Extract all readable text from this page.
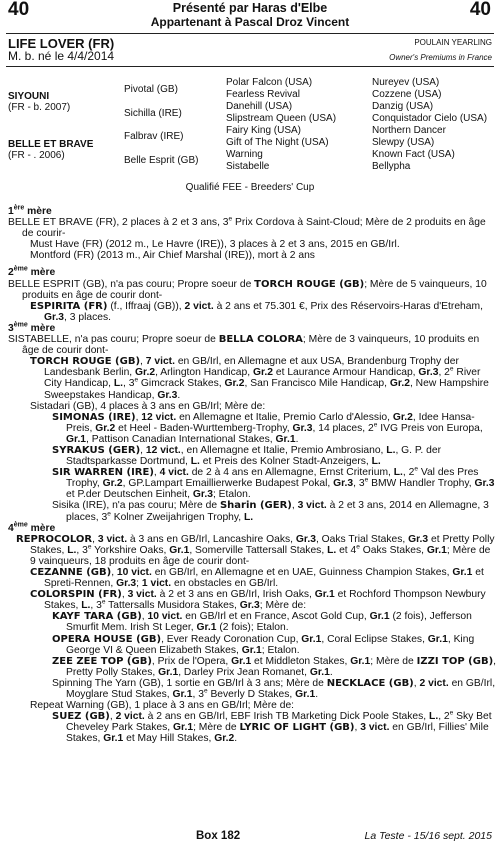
40	Présenté par Haras d'Elbe
Appartenant à Pascal Droz Vincent
40
LIFE LOVER (FR)	POULAIN YEARLING
M. b. né le 4/4/2014	Owner's Premiums in France
SIYOUNI
(FR - b. 2007)
BELLE ET BRAVE
(FR - . 2006)
Pivotal (GB)
Sichilla (IRE)
Falbrav (IRE)
Belle Esprit (GB)
Polar Falcon (USA)
Fearless Revival
Danehill (USA)
Slipstream Queen (USA)
Fairy King (USA)
Gift of The Night (USA)
Warning
Sistabelle
Nureyev (USA)
Cozzene (USA)
Danzig (USA)
Conquistador Cielo (USA)
Northern Dancer
Slewpy (USA)
Known Fact (USA)
Bellypha
Qualifié FEE - Breeders' Cup

1ère mère

BELLE ET BRAVE (FR), 2 places à 2 et 3 ans, 3e Prix Cordova à Saint-Cloud; Mère de 2 produits en âge de courir-

Must Have (FR) (2012 m., Le Havre (IRE)), 3 places à 2 et 3 ans, 2015 en GB/Irl.

Montford (FR) (2013 m., Air Chief Marshal (IRE)), mort à 2 ans

2ème mère

BELLE ESPRIT (GB), n'a pas couru; Propre soeur de TORCH ROUGE (GB); Mère de 5 vainqueurs, 10 produits en âge de courir dont-

ESPIRITA (FR) (f., Iffraaj (GB)), 2 vict. à 2 ans et 75.301 €, Prix des Réservoirs-Haras d'Etreham, Gr.3, 3 places.

3ème mère

SISTABELLE, n'a pas couru; Propre soeur de BELLA COLORA; Mère de 3 vainqueurs, 10 produits en âge de courir dont-

TORCH ROUGE (GB), 7 vict. en GB/Irl, en Allemagne et aux USA, Brandenburg Trophy der Landesbank Berlin, Gr.2, Arlington Handicap, Gr.2 et Laurance Armour Handicap, Gr.3, 2e River City Handicap, L., 3e Gimcrack Stakes, Gr.2, San Francisco Mile Handicap, Gr.2, New Hampshire Sweepstakes Handicap, Gr.3.

Sistadari (GB), 4 places à 3 ans en GB/Irl; Mère de:

SIMONAS (IRE), 12 vict. en Allemagne et Italie, Premio Carlo d'Alessio, Gr.2, Idee Hansa-Preis, Gr.2 et Heel - Baden-Wurttemberg-Trophy, Gr.3, 14 places, 2e IVG Preis von Europa, Gr.1, Pattison Canadian International Stakes, Gr.1.

SYRAKUS (GER), 12 vict., en Allemagne et Italie, Premio Ambrosiano, L., G. P. der Stadtsparkasse Dortmund, L. et Preis des Kolner Stadt-Anzeigers, L.

SIR WARREN (IRE), 4 vict. de 2 à 4 ans en Allemagne, Ernst Criterium, L., 2e Val des Pres Trophy, Gr.2, GP.Lampart Emaillierwerke Budapest Pokal, Gr.3, 3e BMW Handler Trophy, Gr.3 et P.der Deutschen Einheit, Gr.3; Etalon.

Sisika (IRE), n'a pas couru; Mère de Sharin (GER), 3 vict. à 2 et 3 ans, 2014 en Allemagne, 3 places, 3e Kolner Zweijahrigen Trophy, L.

4ème mère

REPROCOLOR, 3 vict. à 3 ans en GB/Irl, Lancashire Oaks, Gr.3, Oaks Trial Stakes, Gr.3 et Pretty Polly Stakes, L., 3e Yorkshire Oaks, Gr.1, Somerville Tattersall Stakes, L. et 4e Oaks Stakes, Gr.1; Mère de 9 vainqueurs, 18 produits en âge de courir dont-

CEZANNE (GB), 10 vict. en GB/Irl, en Allemagne et en UAE, Guinness Champion Stakes, Gr.1 et Spreti-Rennen, Gr.3; 1 vict. en obstacles en GB/Irl.

COLORSPIN (FR), 3 vict. à 2 et 3 ans en GB/Irl, Irish Oaks, Gr.1 et Rochford Thompson Newbury Stakes, L., 3e Tattersalls Musidora Stakes, Gr.3; Mère de:

KAYF TARA (GB), 10 vict. en GB/Irl et en France, Ascot Gold Cup, Gr.1 (2 fois), Jefferson Smurfit Mem. Irish St Leger, Gr.1 (2 fois); Etalon.

OPERA HOUSE (GB), Ever Ready Coronation Cup, Gr.1, Coral Eclipse Stakes, Gr.1, King George VI & Queen Elizabeth Stakes, Gr.1; Etalon.

ZEE ZEE TOP (GB), Prix de l'Opera, Gr.1 et Middleton Stakes, Gr.1; Mère de IZZI TOP (GB), Pretty Polly Stakes, Gr.1, Darley Prix Jean Romanet, Gr.1.

Spinning The Yarn (GB), 1 sortie en GB/Irl à 3 ans; Mère de NECKLACE (GB), 2 vict. en GB/Irl, Moyglare Stud Stakes, Gr.1, 3e Beverly D Stakes, Gr.1.

Repeat Warning (GB), 1 place à 3 ans en GB/Irl; Mère de:

SUEZ (GB), 2 vict. à 2 ans en GB/Irl, EBF Irish TB Marketing Dick Poole Stakes, L., 2e Sky Bet Cheveley Park Stakes, Gr.1; Mère de LYRIC OF LIGHT (GB), 3 vict. en GB/Irl, Fillies' Mile Stakes, Gr.1 et May Hill Stakes, Gr.2.

Box 182	La Teste - 15/16 sept. 2015
